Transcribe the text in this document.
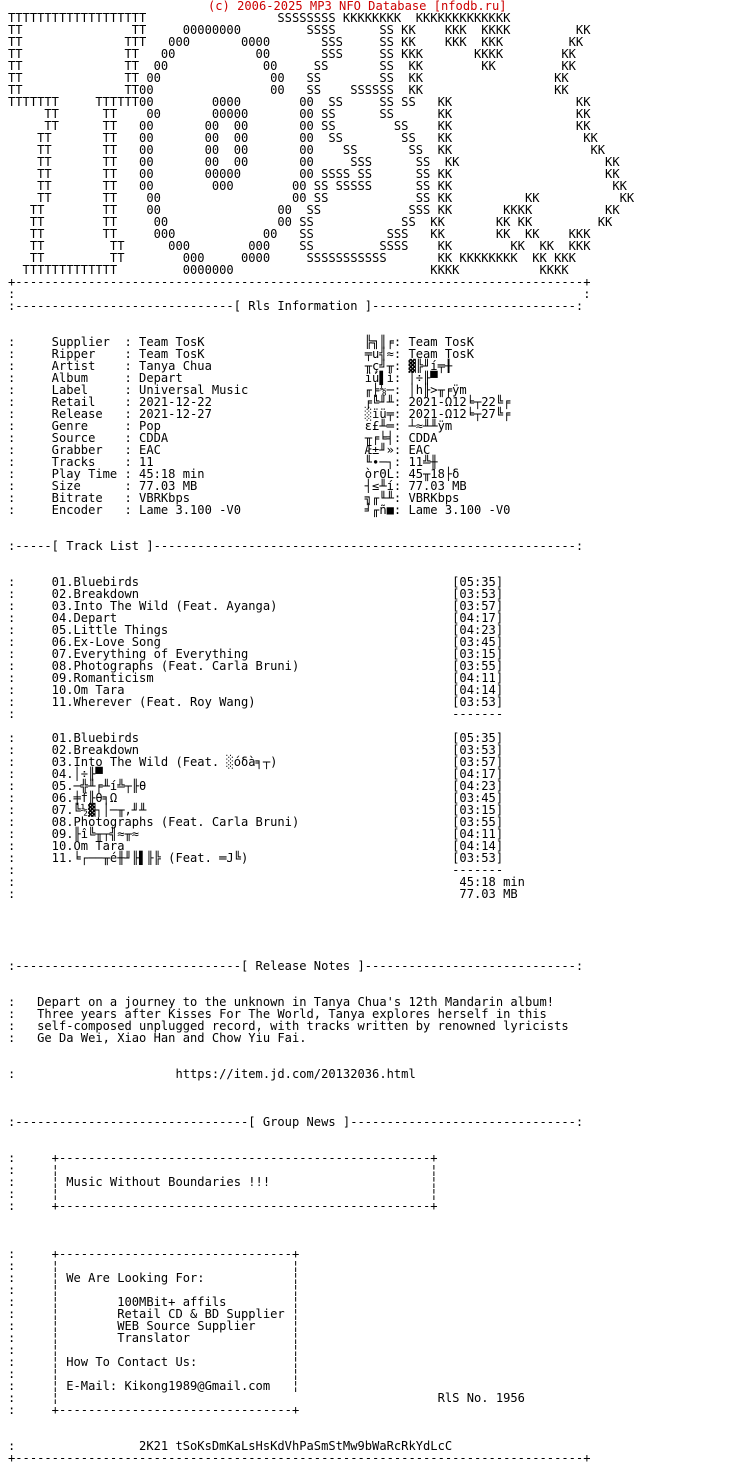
(c) 2006-2025 MP3 NFO Database [nfodb.ru]
TTTTTTTTTTTTTTTTTTT                  SSSSSSSS KKKKKKKK  KKKKKKKKKKKKK
TT               TT     00000000         SSSS      SS KK    KKK  KKKK         KK
TT              TTT   000       0000       SSS     SS KK    KKK  KKK         KK
TT              TT   00           00       SSS     SS KKK       KKKK        KK
TT              TT  00             00     SS       SS  KK        KK         KK
TT              TT 00               00   SS        SS  KK                  KK
TT              TT00                00   SS    SSSSSS  KK                  KK
TTTTTTT     TTTTTT00        0000        00  SS     SS SS   KK                 KK
TT      TT    00       00000       00 SS      SS      KK                 KK
TT      TT   00       00  00       00 SS        SS    KK                 KK
TT       TT   00       00  00       00  SS        SS   KK                  KK
TT       TT   00       00  00       00    SS       SS  KK                   KK
TT       TT   00       00  00       00     SSS      SS  KK                    KK
TT       TT   00       00000        00 SSSS SS      SS KK                     KK
TT       TT   00        000        00 SS SSSSS      SS KK                      KK
TT       TT    00                  00 SS            SS KK          KK           KK
TT        TT    00                00  SS            SSS KK       KKKK          KK
TT        TT     00               00 SS            SS  KK       KK KK         KK
TT        TT     000            00   SS          SSS   KK       KK  KK    KKK
TT         TT      000        000    SS         SSSS    KK        KK  KK  KKK
TT         TT        000     0000     SSSSSSSSSSS       KK KKKKKKKK  KK KKK
TTTTTTTTTTTTT         0000000                           KKKK           KKKK
+------------------------------------------------------------------------------+
:                                                                              :
:------------------------------[ Rls Information ]----------------------------:

:     Supplier  : Team TosK                      ╠╗║╒: Team TosK
:     Ripper    : Team TosK                      ╤u╣≈: Team TosK
:     Artist    : Tanya Chua                     ╥ç╝╥: ▓╠╜í╤╂
:     Album     : Depart                         ïú▌ì: │÷╟▀
:     Label     : Universal Music                ╓╞⅛─: │h╟>╥╒ÿm
:     Retail    : 2021-12-22                     ╒╚╜╨: 2021-Ω12╘┬22╚╒
:     Release   : 2021-12-27                     ░ïü╤: 2021-Ω12╘┬27╚╒
:     Genre     : Pop                            ε£╨═: ┴≈╨╨ÿm
:     Source    : CDDA                           ╥╒╘╡: CDDA
:     Grabber   : EAC                            Æ±╜»: EAC
:     Tracks    : 11                             ╙∙─┐: 11╩╫
:     Play Time : 45:18 min                      òrΘL: 45╥18├δ
:     Size      : 77.03 MB                       ┤≤╨í: 77.03 MB
:     Bitrate   : VBRKbps                        ╗╓╙╨: VBRKbps
:     Encoder   : Lame 3.100 -V0                 ╛╓ñ■: Lame 3.100 -V0

:-----[ Track List ]----------------------------------------------------------:

:     01.Bluebirds                                           [05:35]
:     02.Breakdown                                           [03:53]
:     03.Into The Wild (Feat. Ayanga)                        [03:57]
:     04.Depart                                              [04:17]
:     05.Little Things                                       [04:23]
:     06.Ex-Love Song                                        [03:45]
:     07.Everything of Everything                            [03:15]
:     08.Photographs (Feat. Carla Bruni)                     [03:55]
:     09.Romanticism                                         [04:11]
:     10.Om Tara                                             [04:14]
:     11.Wherever (Feat. Roy Wang)                           [03:53]
:                                                            -------

:     01.Bluebirds                                           [05:35]
:     02.Breakdown                                           [03:53]
:     03.Into The Wild (Feat. ░óδà╕┬)                        [03:57]
:     04.│÷╟▀                                                [04:17]
:     05.─╬╨╒╨í╩┬╟θ                                          [04:23]
:     06.╪f╟θ╕Ω                                              [03:45]
:     07.╚½▓┐│─╥,╜╨                                          [03:15]
:     08.Photographs (Feat. Carla Bruni)                     [03:55]
:     09.╟î╚╥┬╣≈╥≈                                           [04:11]
:     10.Om Tara                                             [04:14]
:     11.╘┌──╥é╫╜╟▌╟╠ (Feat. ═J╚)                            [03:53]
:                                                            -------
:                                                             45:18 min
:                                                             77.03 MB

:-------------------------------[ Release Notes ]-----------------------------:

:   Depart on a journey to the unknown in Tanya Chua's 12th Mandarin album!
:   Three years after Kisses For The World, Tanya explores herself in this
:   self-composed unplugged record, with tracks written by renowned lyricists
:   Ge Da Wei, Xiao Han and Chow Yiu Fai.

:                      https://item.jd.com/20132036.html

:--------------------------------[ Group News ]-------------------------------:

:     +---------------------------------------------------+
:     ¦                                                   ¦
:     ¦ Music Without Boundaries !!!                      ¦
:     ¦                                                   ¦
:     +---------------------------------------------------+

:     +--------------------------------+
:     ¦                                ¦
:     ¦ We Are Looking For:            ¦
:     ¦                                ¦
:     ¦        100MBit+ affils         ¦
:     ¦        Retail CD & BD Supplier ¦
:     ¦        WEB Source Supplier     ¦
:     ¦        Translator              ¦
:     ¦                                ¦
:     ¦ How To Contact Us:             ¦
:     ¦                                ¦
:     ¦ E-Mail: Kikong1989@Gmail.com   ¦
:     ¦                                                    RlS No. 1956
:     +--------------------------------+

:                 2K21 tSoKsDmKaLsHsKdVhPaSmStMw9bWaRcRkYdLcC
+------------------------------------------------------------------------------+
